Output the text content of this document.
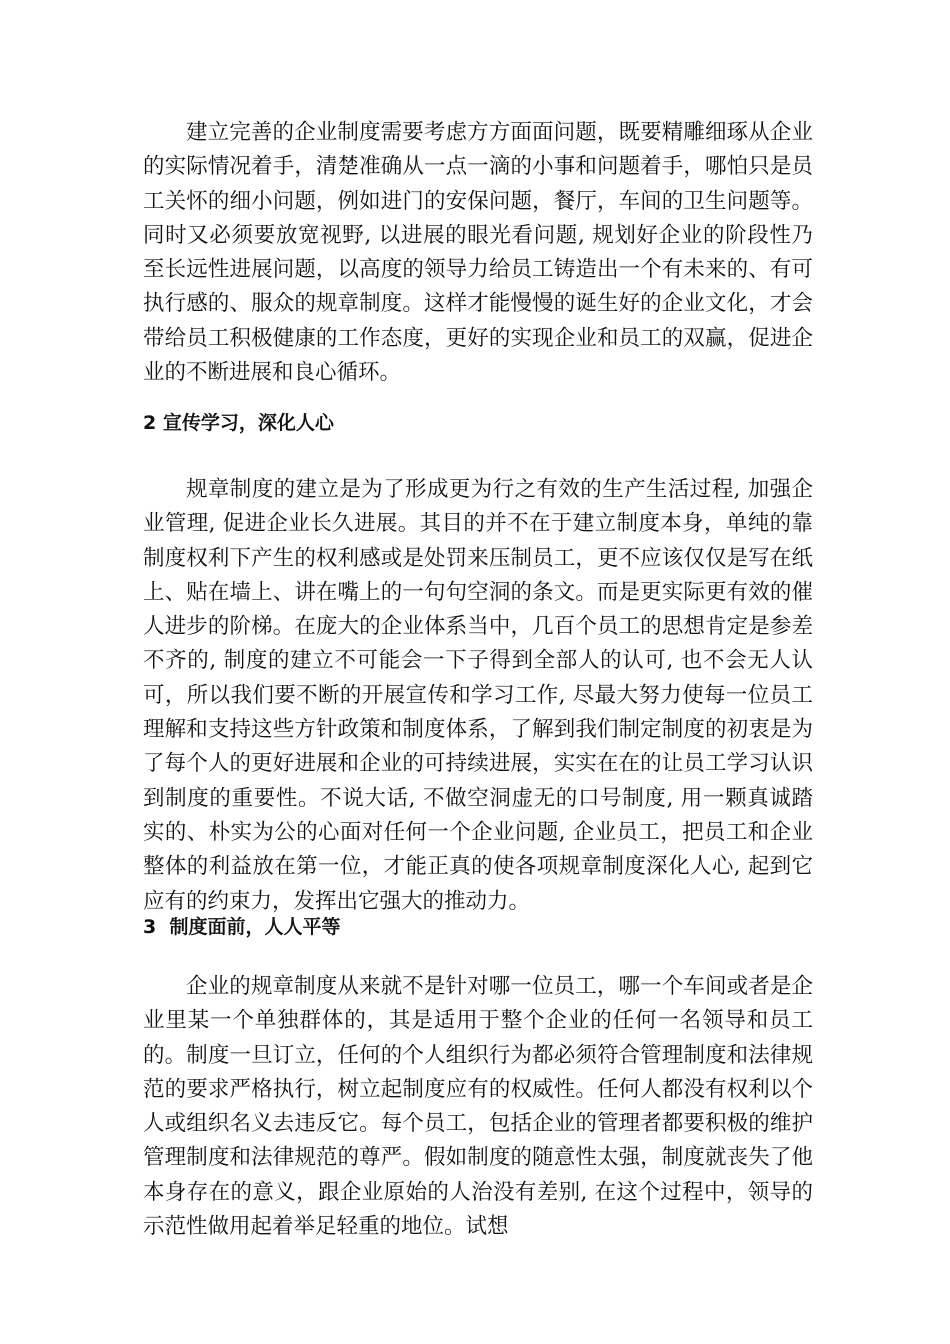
建立完善的企业制度需要考虑方方面面问题，既要精雕细琢从企业的实际情况着手，清楚准确从一点一滴的小事和问题着手，哪怕只是员工关怀的细小问题，例如进门的安保问题，餐厅，车间的卫生问题等。同时又必须要放宽视野, 以进展的眼光看问题, 规划好企业的阶段性乃至长远性进展问题，以高度的领导力给员工铸造出一个有未来的、有可执行感的、服众的规章制度。这样才能慢慢的诞生好的企业文化，才会带给员工积极健康的工作态度，更好的实现企业和员工的双赢，促进企业的不断进展和良心循环。

2 宣传学习，深化人心

规章制度的建立是为了形成更为行之有效的生产生活过程, 加强企业管理, 促进企业长久进展。其目的并不在于建立制度本身，单纯的靠制度权利下产生的权利感或是处罚来压制员工，更不应该仅仅是写在纸上、贴在墙上、讲在嘴上的一句句空洞的条文。而是更实际更有效的催人进步的阶梯。在庞大的企业体系当中，几百个员工的思想肯定是参差不齐的, 制度的建立不可能会一下子得到全部人的认可, 也不会无人认可，所以我们要不断的开展宣传和学习工作, 尽最大努力使每一位员工理解和支持这些方针政策和制度体系，了解到我们制定制度的初衷是为了每个人的更好进展和企业的可持续进展，实实在在的让员工学习认识到制度的重要性。不说大话, 不做空洞虚无的口号制度, 用一颗真诚踏实的、朴实为公的心面对任何一个企业问题, 企业员工，把员工和企业整体的利益放在第一位，才能正真的使各项规章制度深化人心, 起到它应有的约束力，发挥出它强大的推动力。

3  制度面前，人人平等

企业的规章制度从来就不是针对哪一位员工，哪一个车间或者是企业里某一个单独群体的，其是适用于整个企业的任何一名领导和员工的。制度一旦订立，任何的个人组织行为都必须符合管理制度和法律规范的要求严格执行，树立起制度应有的权威性。任何人都没有权利以个人或组织名义去违反它。每个员工，包括企业的管理者都要积极的维护管理制度和法律规范的尊严。假如制度的随意性太强，制度就丧失了他本身存在的意义，跟企业原始的人治没有差别, 在这个过程中，领导的示范性做用起着举足轻重的地位。试想
